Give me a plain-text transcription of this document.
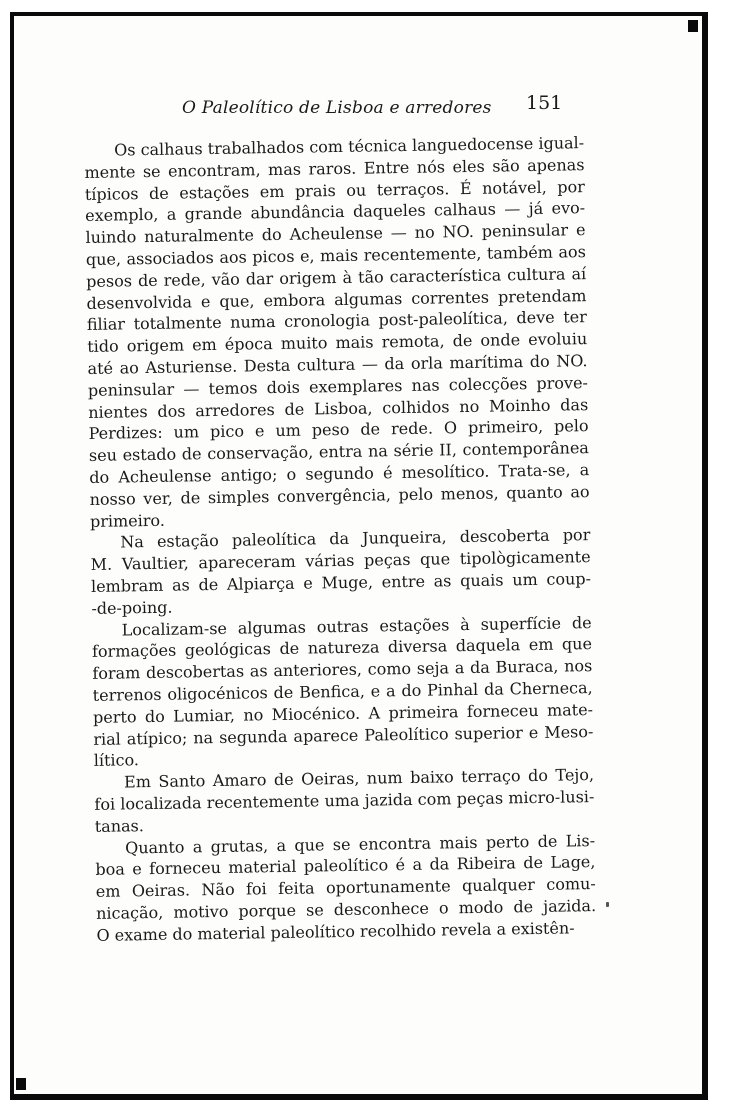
O Paleolítico de Lisboa e arredores 151

Os calhaus trabalhados com técnica languedocense igual-
mente se encontram, mas raros. Entre nós eles são apenas
típicos de estações em prais ou terraços. É notável, por
exemplo, a grande abundância daqueles calhaus — já evo-
luindo naturalmente do Acheulense — no NO. peninsular e
que, associados aos picos e, mais recentemente, também aos
pesos de rede, vão dar origem à tão característica cultura aí
desenvolvida e que, embora algumas correntes pretendam
filiar totalmente numa cronologia post-paleolítica, deve ter
tido origem em época muito mais remota, de onde evoluiu
até ao Asturiense. Desta cultura — da orla marítima do NO.
peninsular — temos dois exemplares nas colecções prove-
nientes dos arredores de Lisboa, colhidos no Moinho das
Perdizes: um pico e um peso de rede. O primeiro, pelo
seu estado de conservação, entra na série II, contemporânea
do Acheulense antigo; o segundo é mesolítico. Trata-se, a
nosso ver, de simples convergência, pelo menos, quanto ao
primeiro.

Na estação paleolítica da Junqueira, descoberta por
M. Vaultier, apareceram várias peças que tipològicamente
lembram as de Alpiarça e Muge, entre as quais um coup-
-de-poing.

Localizam-se algumas outras estações à superfície de
formações geológicas de natureza diversa daquela em que
foram descobertas as anteriores, como seja a da Buraca, nos
terrenos oligocénicos de Benfica, e a do Pinhal da Cherneca,
perto do Lumiar, no Miocénico. A primeira forneceu mate-
rial atípico; na segunda aparece Paleolítico superior e Meso-
lítico.

Em Santo Amaro de Oeiras, num baixo terraço do Tejo,
foi localizada recentemente uma jazida com peças micro-lusi-
tanas.

Quanto a grutas, a que se encontra mais perto de Lis-
boa e forneceu material paleolítico é a da Ribeira de Lage,
em Oeiras. Não foi feita oportunamente qualquer comu-
nicação, motivo porque se desconhece o modo de jazida.
O exame do material paleolítico recolhido revela a existên-
